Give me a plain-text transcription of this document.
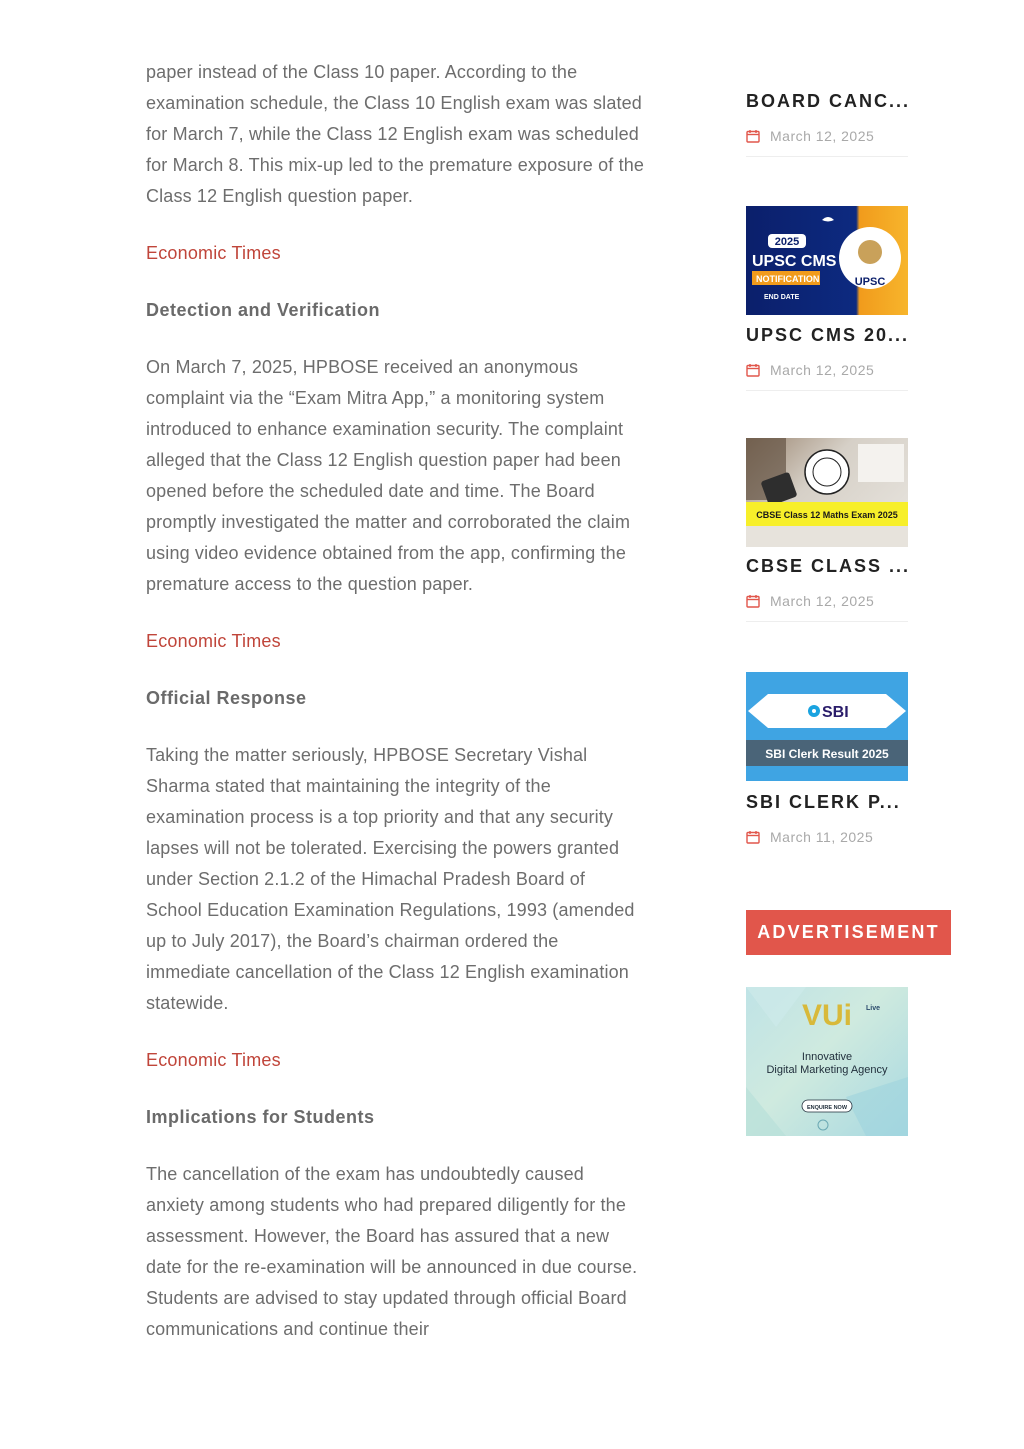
paper instead of the Class 10 paper. According to the examination schedule, the Class 10 English exam was slated for March 7, while the Class 12 English exam was scheduled for March 8. This mix-up led to the premature exposure of the Class 12 English question paper.

Economic Times
Detection and Verification

On March 7, 2025, HPBOSE received an anonymous complaint via the “Exam Mitra App,” a monitoring system introduced to enhance examination security. The complaint alleged that the Class 12 English question paper had been opened before the scheduled date and time. The Board promptly investigated the matter and corroborated the claim using video evidence obtained from the app, confirming the premature access to the question paper.

Economic Times
Official Response

Taking the matter seriously, HPBOSE Secretary Vishal Sharma stated that maintaining the integrity of the examination process is a top priority and that any security lapses will not be tolerated. Exercising the powers granted under Section 2.1.2 of the Himachal Pradesh Board of School Education Examination Regulations, 1993 (amended up to July 2017), the Board’s chairman ordered the immediate cancellation of the Class 12 English examination statewide.

Economic Times
Implications for Students

The cancellation of the exam has undoubtedly caused anxiety among students who had prepared diligently for the assessment. However, the Board has assured that a new date for the re-examination will be announced in due course. Students are advised to stay updated through official Board communications and continue their

BOARD CANC...
March 12, 2025
2025
UPSC CMS
NOTIFICATION
END DATE
UPSC
UPSC CMS 20...
March 12, 2025
CBSE Class 12 Maths Exam 2025
CBSE CLASS ...
March 12, 2025
SBI
SBI Clerk Result 2025
SBI CLERK P...
March 11, 2025
ADVERTISEMENT
VUi Live
Innovative
Digital Marketing Agency
ENQUIRE NOW
